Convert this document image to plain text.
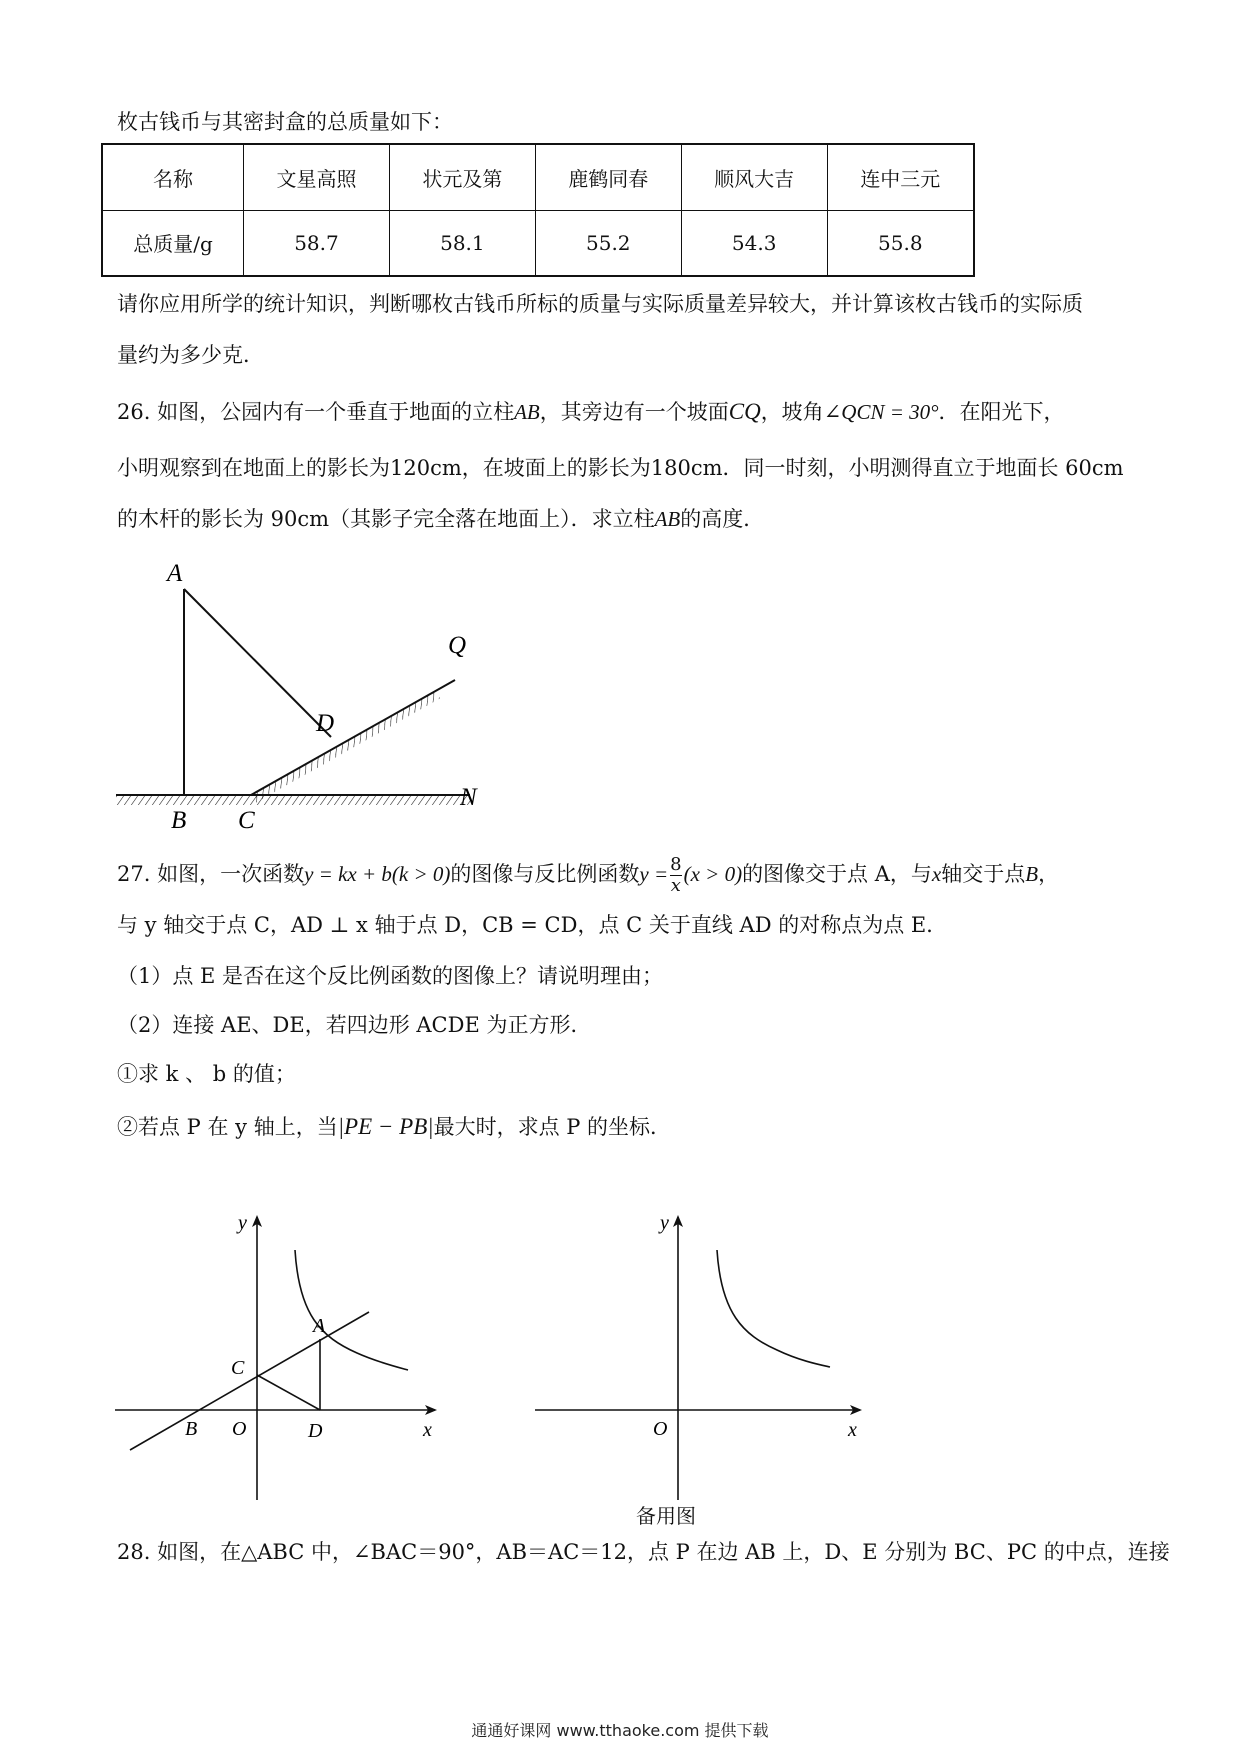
枚古钱币与其密封盒的总质量如下：
名称	文星高照	状元及第	鹿鹤同春	顺风大吉	连中三元
总质量/g	58.7	58.1	55.2	54.3	55.8
请你应用所学的统计知识，判断哪枚古钱币所标的质量与实际质量差异较大，并计算该枚古钱币的实际质
量约为多少克．
26. 如图，公园内有一个垂直于地面的立柱AB，其旁边有一个坡面CQ，坡角∠QCN = 30°．在阳光下，
小明观察到在地面上的影长为120cm，在坡面上的影长为180cm．同一时刻，小明测得直立于地面长 60cm
的木杆的影长为 90cm（其影子完全落在地面上）．求立柱AB的高度．
A
B C
D
Q
N
27. 如图，一次函数y = kx + b(k > 0)的图像与反比例函数$y = \frac{8}{x} (x > 0)$的图像交于点 A，与x轴交于点B，
与 y 轴交于点 C，AD ⊥ x 轴于点 D，CB = CD，点 C 关于直线 AD 的对称点为点 E．
（1）点 E 是否在这个反比例函数的图像上？请说明理由；
（2）连接 AE、DE，若四边形 ACDE 为正方形．
①求 k 、 b 的值；
②若点 P 在 y 轴上，当|PE − PB|最大时，求点 P 的坐标．
y
x
A
C
B O	D
y
x
O
备用图
28. 如图，在△ABC 中，∠BAC＝90°，AB＝AC＝12，点 P 在边 AB 上，D、E 分别为 BC、PC 的中点，连接
通通好课网 www.tthaoke.com 提供下载
